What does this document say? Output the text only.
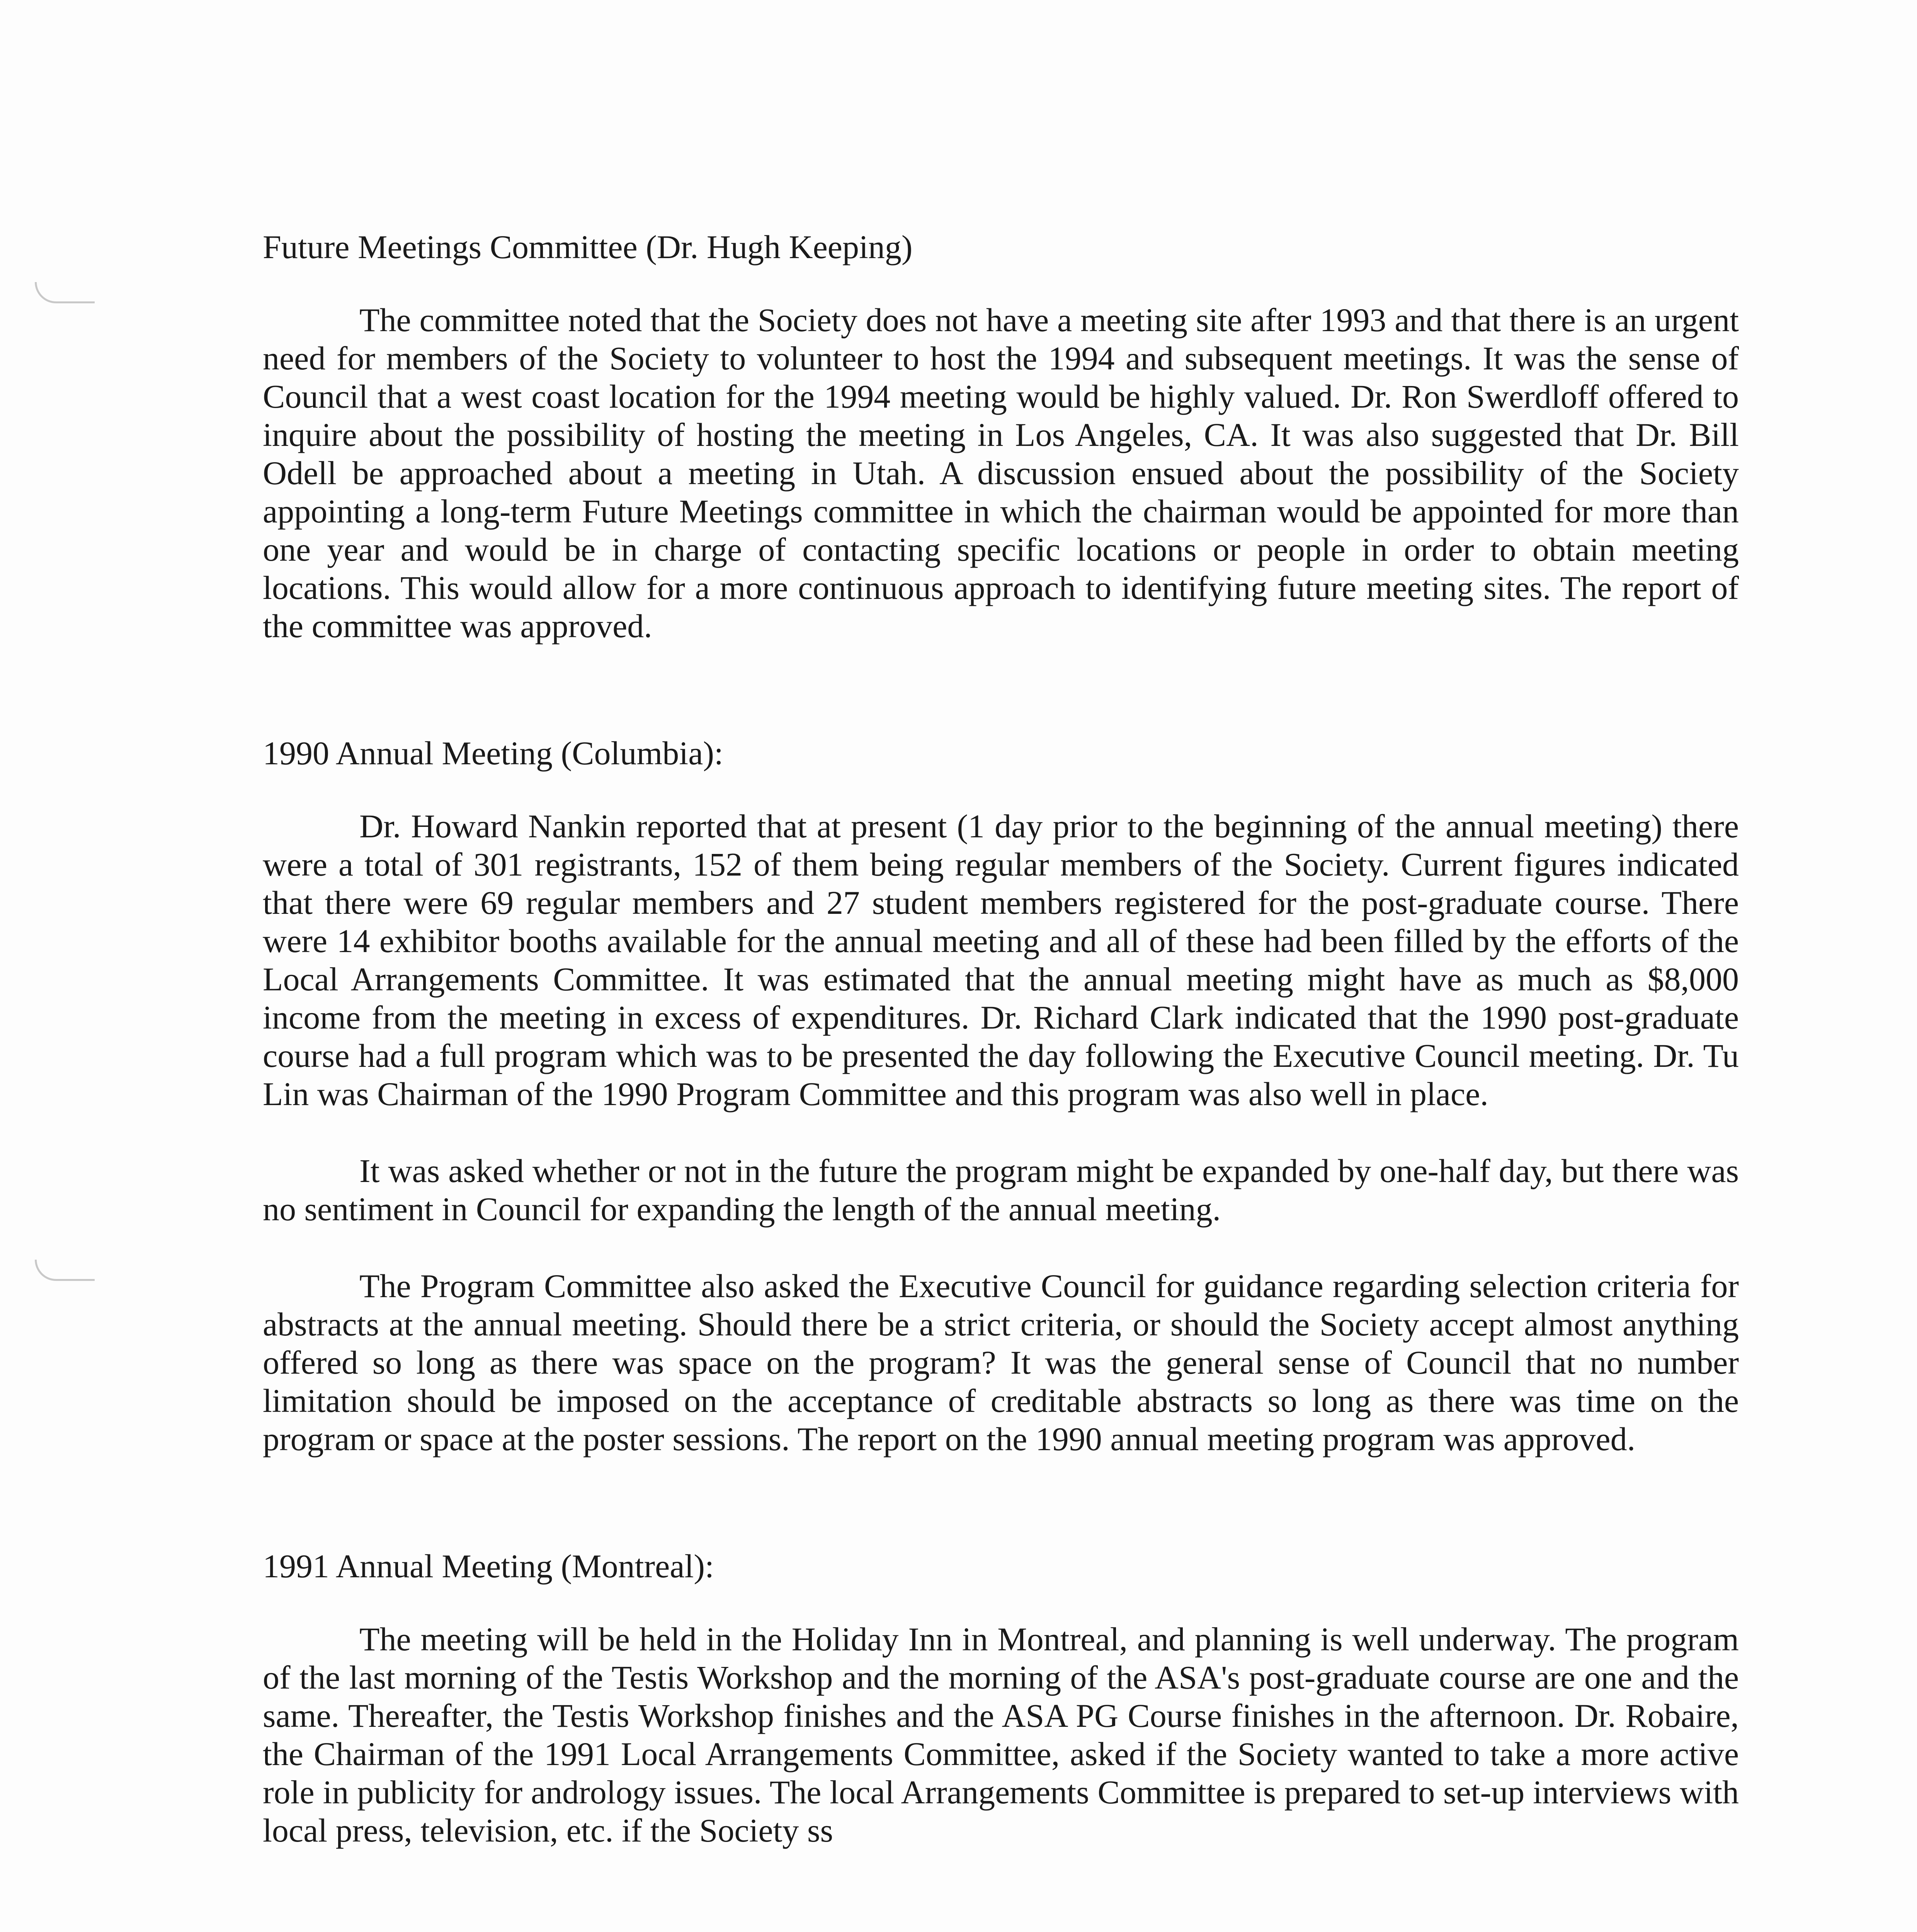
Future Meetings Committee (Dr. Hugh Keeping)

The committee noted that the Society does not have a meeting site after 1993 and that there is an urgent need for members of the Society to volunteer to host the 1994 and subsequent meetings. It was the sense of Council that a west coast location for the 1994 meeting would be highly valued. Dr. Ron Swerdloff offered to inquire about the possibility of hosting the meeting in Los Angeles, CA. It was also suggested that Dr. Bill Odell be approached about a meeting in Utah. A discussion ensued about the possibility of the Society appointing a long-term Future Meetings committee in which the chairman would be appointed for more than one year and would be in charge of contacting specific locations or people in order to obtain meeting locations. This would allow for a more continuous approach to identifying future meeting sites. The report of the committee was approved.

1990 Annual Meeting (Columbia):

Dr. Howard Nankin reported that at present (1 day prior to the beginning of the annual meeting) there were a total of 301 registrants, 152 of them being regular members of the Society. Current figures indicated that there were 69 regular members and 27 student members registered for the post-graduate course. There were 14 exhibitor booths available for the annual meeting and all of these had been filled by the efforts of the Local Arrangements Committee. It was estimated that the annual meeting might have as much as $8,000 income from the meeting in excess of expenditures. Dr. Richard Clark indicated that the 1990 post-graduate course had a full program which was to be presented the day following the Executive Council meeting. Dr. Tu Lin was Chairman of the 1990 Program Committee and this program was also well in place.

It was asked whether or not in the future the program might be expanded by one-half day, but there was no sentiment in Council for expanding the length of the annual meeting.

The Program Committee also asked the Executive Council for guidance regarding selection criteria for abstracts at the annual meeting. Should there be a strict criteria, or should the Society accept almost anything offered so long as there was space on the program? It was the general sense of Council that no number limitation should be imposed on the acceptance of creditable abstracts so long as there was time on the program or space at the poster sessions. The report on the 1990 annual meeting program was approved.

1991 Annual Meeting (Montreal):

The meeting will be held in the Holiday Inn in Montreal, and planning is well underway. The program of the last morning of the Testis Workshop and the morning of the ASA's post-graduate course are one and the same. Thereafter, the Testis Workshop finishes and the ASA PG Course finishes in the afternoon. Dr. Robaire, the Chairman of the 1991 Local Arrangements Committee, asked if the Society wanted to take a more active role in publicity for andrology issues. The local Arrangements Committee is prepared to set-up interviews with local press, television, etc. if the Society ss
